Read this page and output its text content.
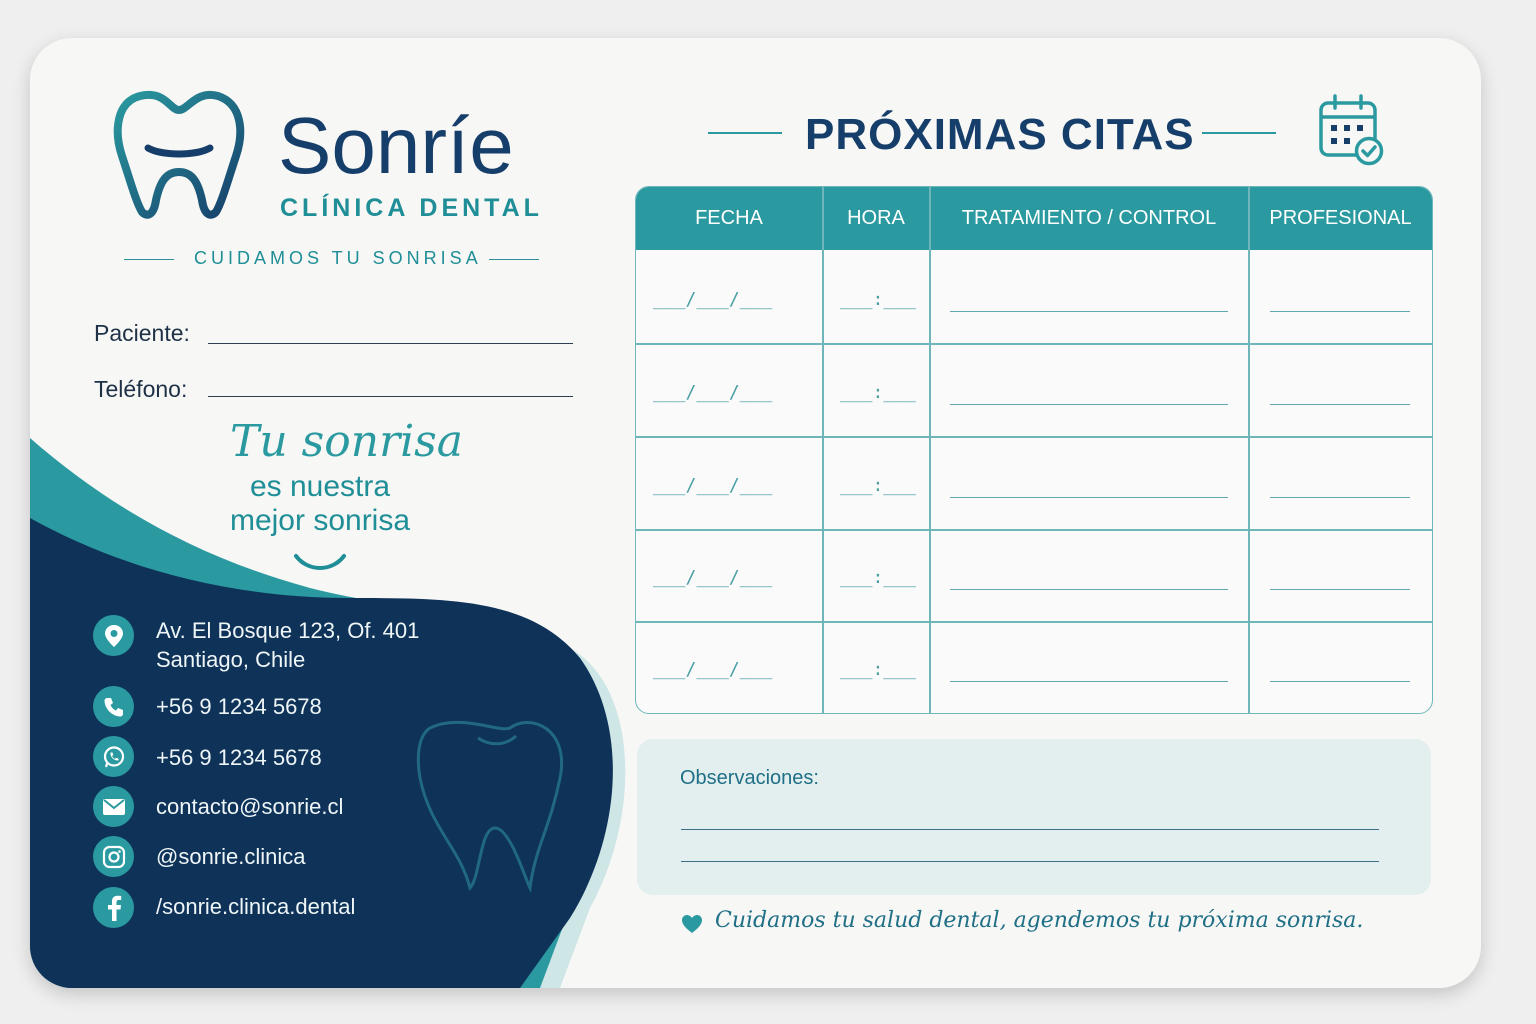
Sonríe
CLÍNICA DENTAL
CUIDAMOS TU SONRISA
Paciente:
Teléfono:
Tu sonrisa
es nuestra
mejor sonrisa
Av. El Bosque 123, Of. 401
Santiago, Chile
+56 9 1234 5678
+56 9 1234 5678
contacto@sonrie.cl
@sonrie.clinica
/sonrie.clinica.dental
PRÓXIMAS CITAS
FECHA	HORA	TRATAMIENTO / CONTROL	PROFESIONAL
___/___/___	___:___
___/___/___	___:___
___/___/___	___:___
___/___/___	___:___
___/___/___	___:___
Observaciones:
Cuidamos tu salud dental, agendemos tu próxima sonrisa.
